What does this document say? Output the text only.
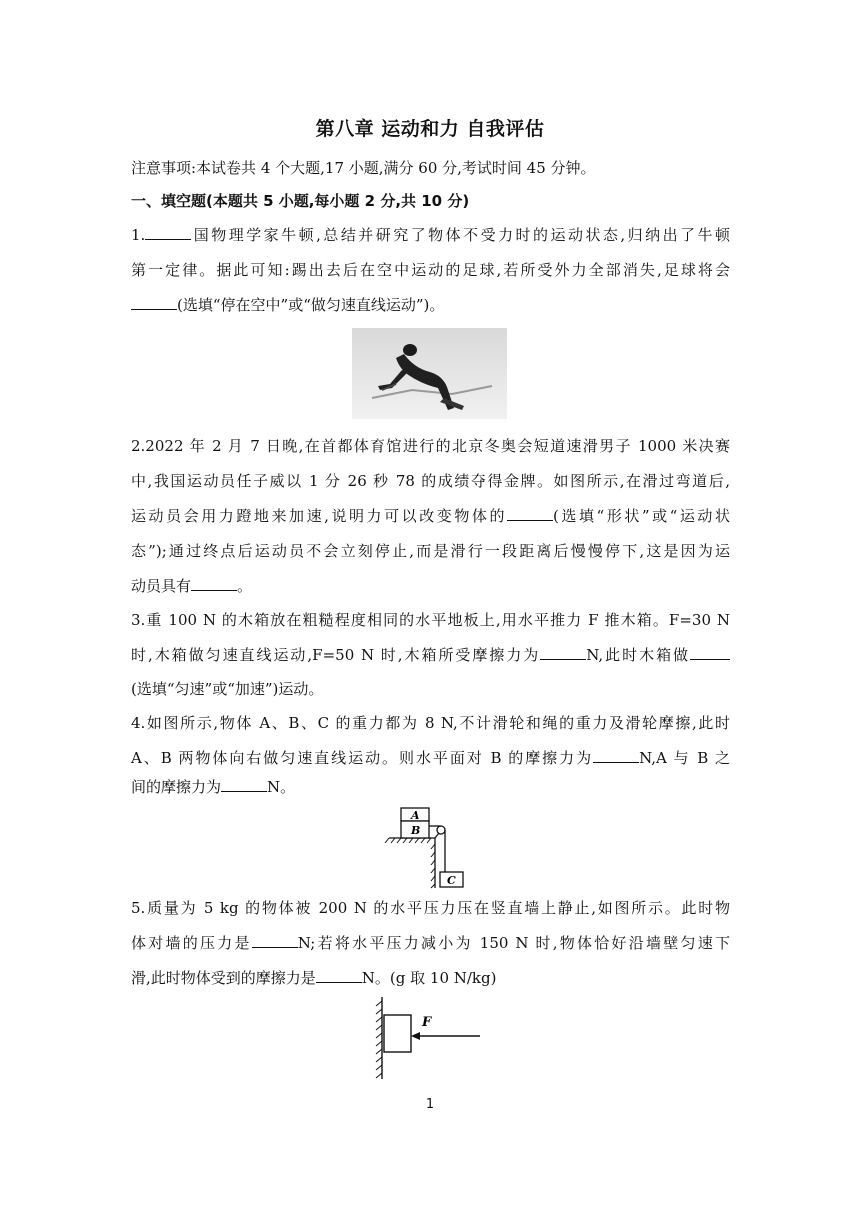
第八章 运动和力 自我评估
注意事项:本试卷共 4 个大题,17 小题,满分 60 分,考试时间 45 分钟。
一、填空题(本题共 5 小题,每小题 2 分,共 10 分)
1.	国物理学家牛顿,总结并研究了物体不受力时的运动状态,归纳出了牛顿
第一定律。据此可知:踢出去后在空中运动的足球,若所受外力全部消失,足球将会
(选填“停在空中”或“做匀速直线运动”)。
2.2022 年 2 月 7 日晚,在首都体育馆进行的北京冬奥会短道速滑男子 1000 米决赛
中,我国运动员任子威以 1 分 26 秒 78 的成绩夺得金牌。如图所示,在滑过弯道后,
运动员会用力蹬地来加速,说明力可以改变物体的	(选填“形状”或“运动状
态”);通过终点后运动员不会立刻停止,而是滑行一段距离后慢慢停下,这是因为运
动员具有	。
3.重 100 N 的木箱放在粗糙程度相同的水平地板上,用水平推力 F 推木箱。F=30 N
时,木箱做匀速直线运动,F=50 N 时,木箱所受摩擦力为	N,此时木箱做
(选填“匀速”或“加速”)运动。
4.如图所示,物体 A、B、C 的重力都为 8 N,不计滑轮和绳的重力及滑轮摩擦,此时
A、B 两物体向右做匀速直线运动。则水平面对 B 的摩擦力为	N,A 与 B 之
间的摩擦力为	N。
A
B
C
5.质量为 5 kg 的物体被 200 N 的水平压力压在竖直墙上静止,如图所示。此时物
体对墙的压力是	N;若将水平压力减小为 150 N 时,物体恰好沿墙壁匀速下
滑,此时物体受到的摩擦力是	N。(g 取 10 N/kg)
F
1
